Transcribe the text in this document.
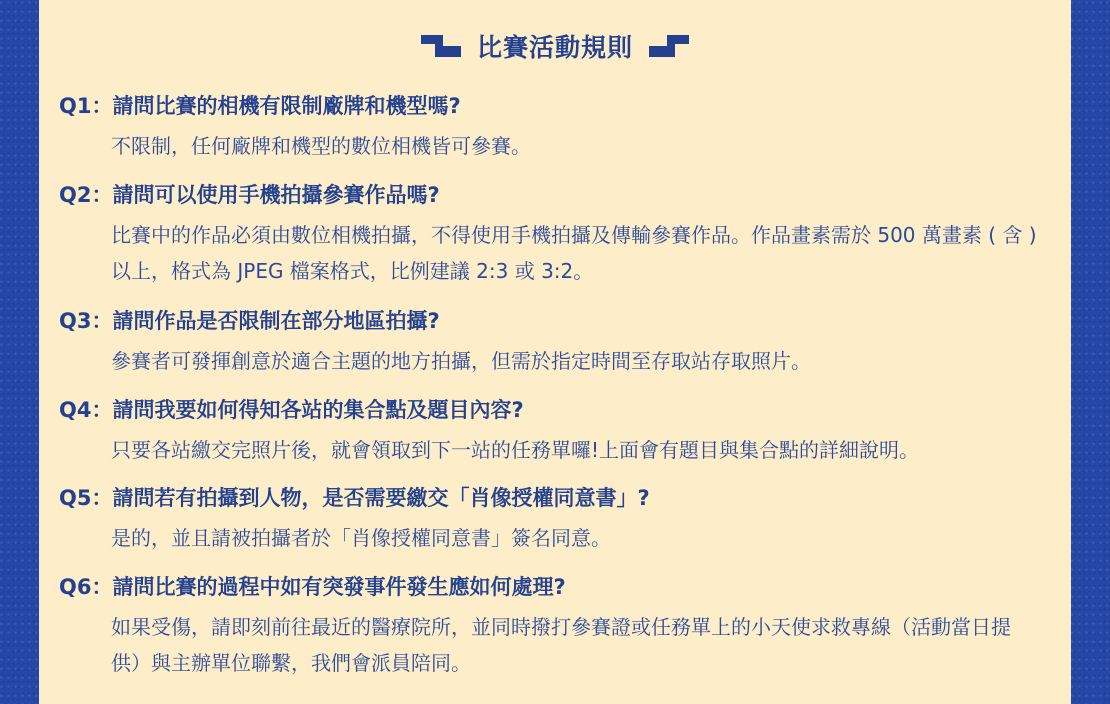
比賽活動規則
Q1：請問比賽的相機有限制廠牌和機型嗎?
不限制，任何廠牌和機型的數位相機皆可參賽。
Q2：請問可以使用手機拍攝參賽作品嗎?
比賽中的作品必須由數位相機拍攝，不得使用手機拍攝及傳輸參賽作品。作品畫素需於 500 萬畫素 ( 含 ) 以上，格式為 JPEG 檔案格式，比例建議 2:3 或 3:2。
Q3：請問作品是否限制在部分地區拍攝?
參賽者可發揮創意於適合主題的地方拍攝，但需於指定時間至存取站存取照片。
Q4：請問我要如何得知各站的集合點及題目內容?
只要各站繳交完照片後，就會領取到下一站的任務單囉!上面會有題目與集合點的詳細說明。
Q5：請問若有拍攝到人物，是否需要繳交「肖像授權同意書」?
是的，並且請被拍攝者於「肖像授權同意書」簽名同意。
Q6：請問比賽的過程中如有突發事件發生應如何處理?
如果受傷，請即刻前往最近的醫療院所，並同時撥打參賽證或任務單上的小天使求救專線（活動當日提供）與主辦單位聯繫，我們會派員陪同。
